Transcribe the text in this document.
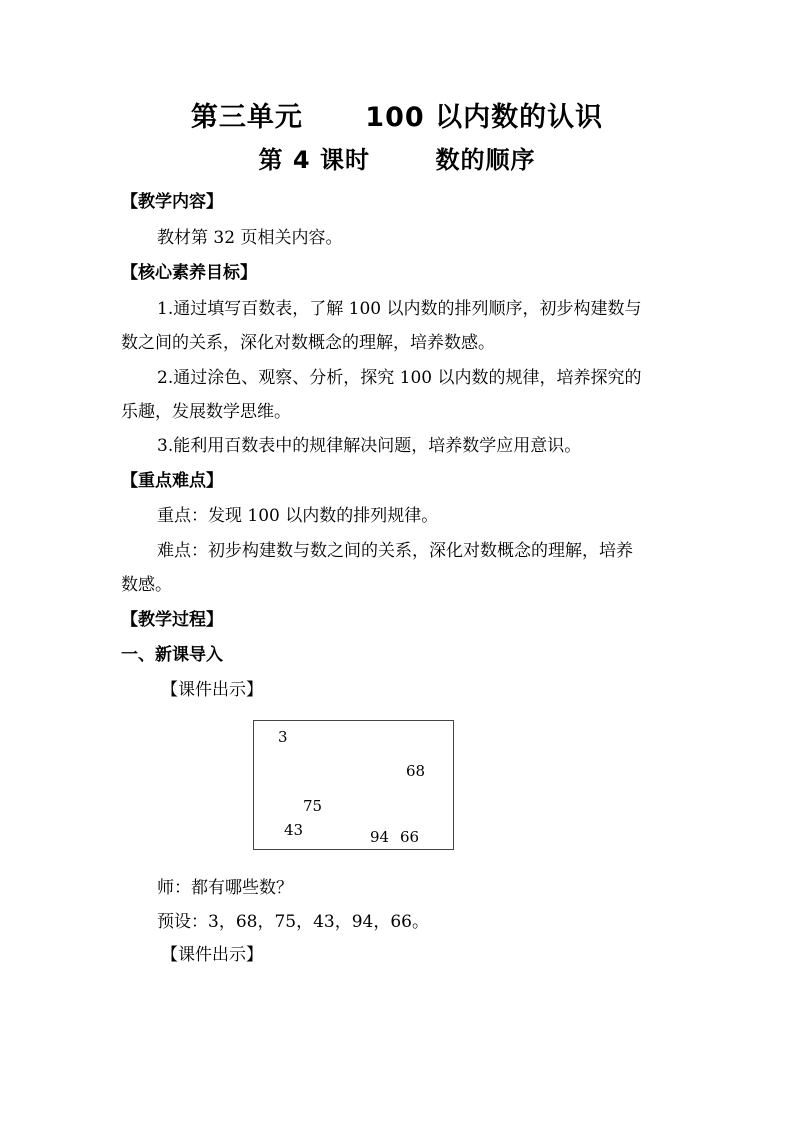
第三单元      100 以内数的认识
第 4 课时       数的顺序
【教学内容】
教材第 32 页相关内容。
【核心素养目标】
1.通过填写百数表，了解 100 以内数的排列顺序，初步构建数与
数之间的关系，深化对数概念的理解，培养数感。
2.通过涂色、观察、分析，探究 100 以内数的规律，培养探究的
乐趣，发展数学思维。
3.能利用百数表中的规律解决问题，培养数学应用意识。
【重点难点】
重点：发现 100 以内数的排列规律。
难点：初步构建数与数之间的关系，深化对数概念的理解，培养
数感。
【教学过程】
一、新课导入
【课件出示】
3
68
75
43	94 66
师：都有哪些数？
预设：3，68，75，43，94，66。
【课件出示】
